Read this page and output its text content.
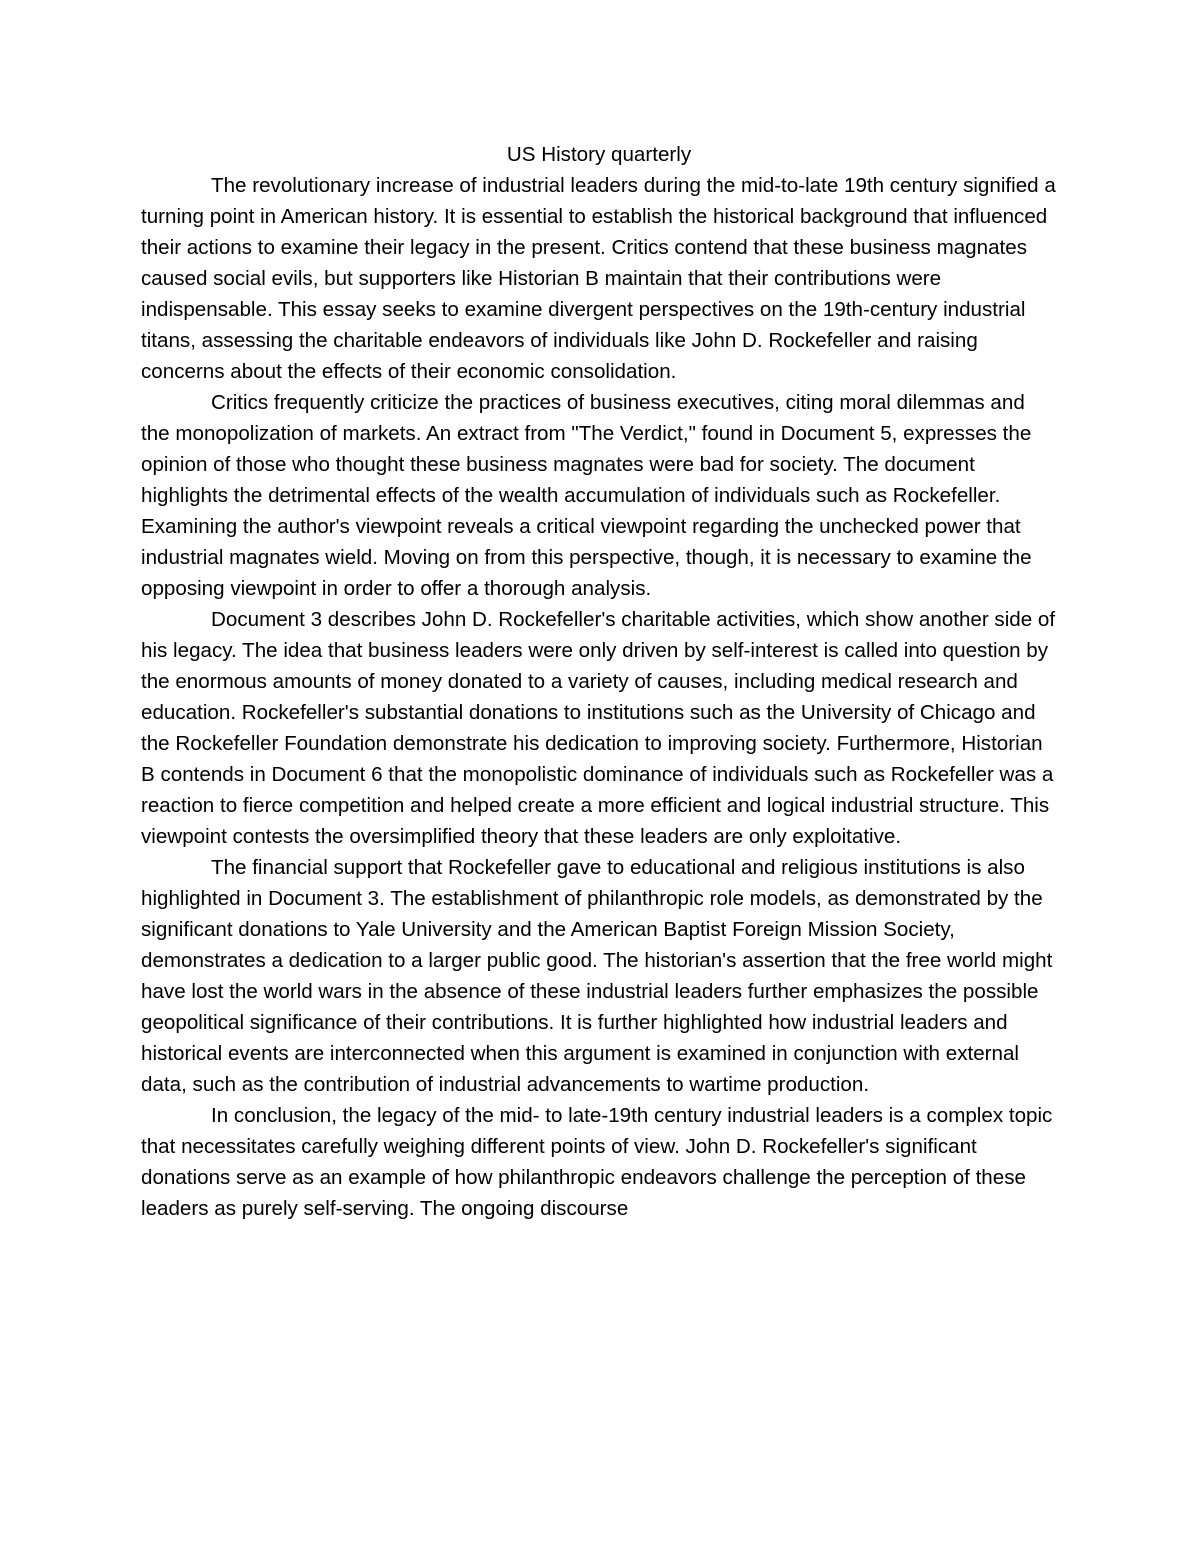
US History quarterly

The revolutionary increase of industrial leaders during the mid-to-late 19th century signified a turning point in American history. It is essential to establish the historical background that influenced their actions to examine their legacy in the present. Critics contend that these business magnates caused social evils, but supporters like Historian B maintain that their contributions were indispensable. This essay seeks to examine divergent perspectives on the 19th-century industrial titans, assessing the charitable endeavors of individuals like John D. Rockefeller and raising concerns about the effects of their economic consolidation.

Critics frequently criticize the practices of business executives, citing moral dilemmas and the monopolization of markets. An extract from "The Verdict," found in Document 5, expresses the opinion of those who thought these business magnates were bad for society. The document highlights the detrimental effects of the wealth accumulation of individuals such as Rockefeller. Examining the author's viewpoint reveals a critical viewpoint regarding the unchecked power that industrial magnates wield. Moving on from this perspective, though, it is necessary to examine the opposing viewpoint in order to offer a thorough analysis.

Document 3 describes John D. Rockefeller's charitable activities, which show another side of his legacy. The idea that business leaders were only driven by self-interest is called into question by the enormous amounts of money donated to a variety of causes, including medical research and education. Rockefeller's substantial donations to institutions such as the University of Chicago and the Rockefeller Foundation demonstrate his dedication to improving society. Furthermore, Historian B contends in Document 6 that the monopolistic dominance of individuals such as Rockefeller was a reaction to fierce competition and helped create a more efficient and logical industrial structure. This viewpoint contests the oversimplified theory that these leaders are only exploitative.

The financial support that Rockefeller gave to educational and religious institutions is also highlighted in Document 3. The establishment of philanthropic role models, as demonstrated by the significant donations to Yale University and the American Baptist Foreign Mission Society, demonstrates a dedication to a larger public good. The historian's assertion that the free world might have lost the world wars in the absence of these industrial leaders further emphasizes the possible geopolitical significance of their contributions. It is further highlighted how industrial leaders and historical events are interconnected when this argument is examined in conjunction with external data, such as the contribution of industrial advancements to wartime production.

In conclusion, the legacy of the mid- to late-19th century industrial leaders is a complex topic that necessitates carefully weighing different points of view. John D. Rockefeller's significant donations serve as an example of how philanthropic endeavors challenge the perception of these leaders as purely self-serving. The ongoing discourse
